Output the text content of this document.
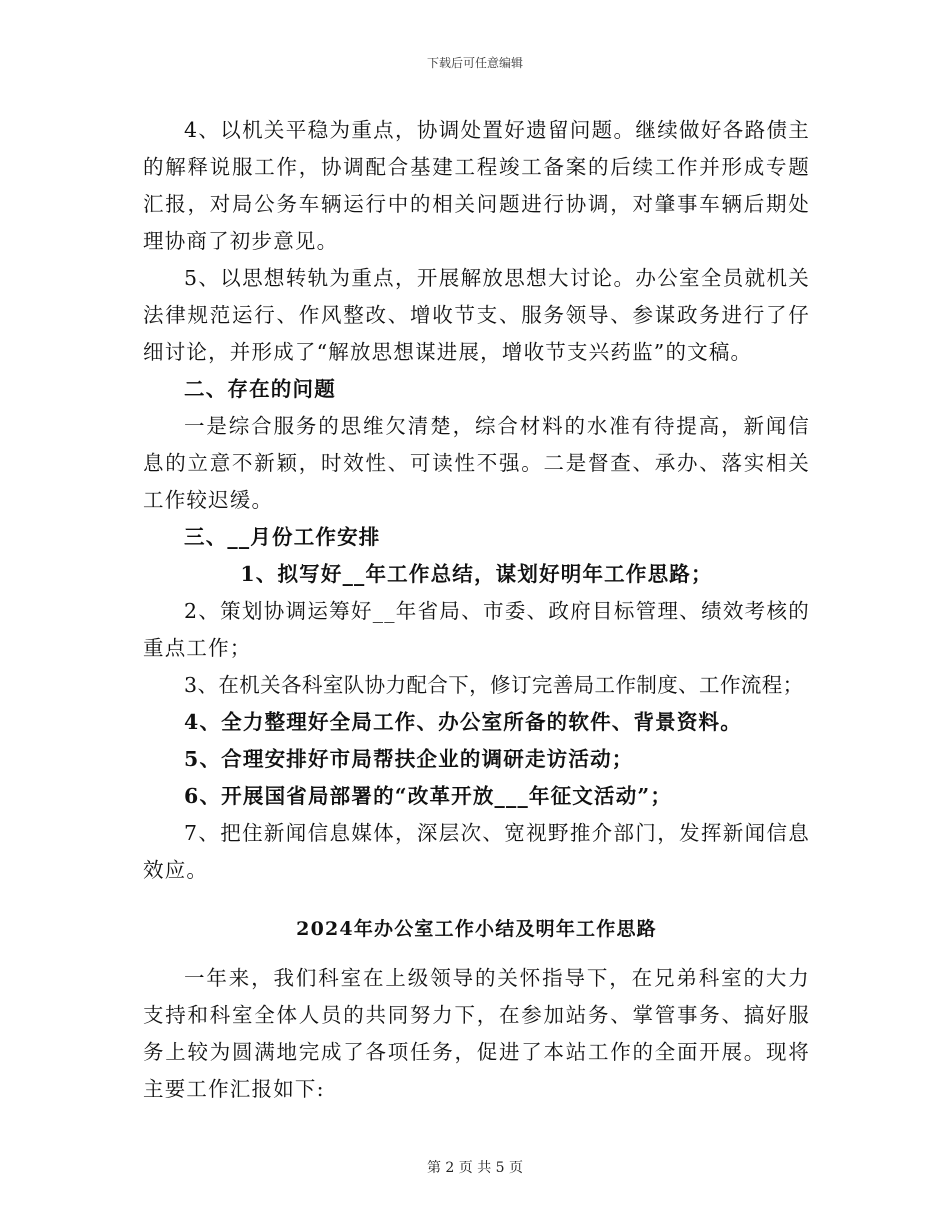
下载后可任意编辑

4、以机关平稳为重点，协调处置好遗留问题。继续做好各路债主的解释说服工作，协调配合基建工程竣工备案的后续工作并形成专题汇报，对局公务车辆运行中的相关问题进行协调，对肇事车辆后期处理协商了初步意见。

5、以思想转轨为重点，开展解放思想大讨论。办公室全员就机关法律规范运行、作风整改、增收节支、服务领导、参谋政务进行了仔细讨论，并形成了“解放思想谋进展，增收节支兴药监”的文稿。

二、存在的问题

一是综合服务的思维欠清楚，综合材料的水准有待提高，新闻信息的立意不新颖，时效性、可读性不强。二是督查、承办、落实相关工作较迟缓。

三、__月份工作安排

1、拟写好__年工作总结，谋划好明年工作思路；

2、策划协调运筹好__年省局、市委、政府目标管理、绩效考核的重点工作；

3、在机关各科室队协力配合下，修订完善局工作制度、工作流程；

4、全力整理好全局工作、办公室所备的软件、背景资料。

5、合理安排好市局帮扶企业的调研走访活动；

6、开展国省局部署的“改革开放___年征文活动”；

7、把住新闻信息媒体，深层次、宽视野推介部门，发挥新闻信息效应。

2024年办公室工作小结及明年工作思路

一年来，我们科室在上级领导的关怀指导下，在兄弟科室的大力支持和科室全体人员的共同努力下，在参加站务、掌管事务、搞好服务上较为圆满地完成了各项任务，促进了本站工作的全面开展。现将主要工作汇报如下:

第 2 页 共 5 页
